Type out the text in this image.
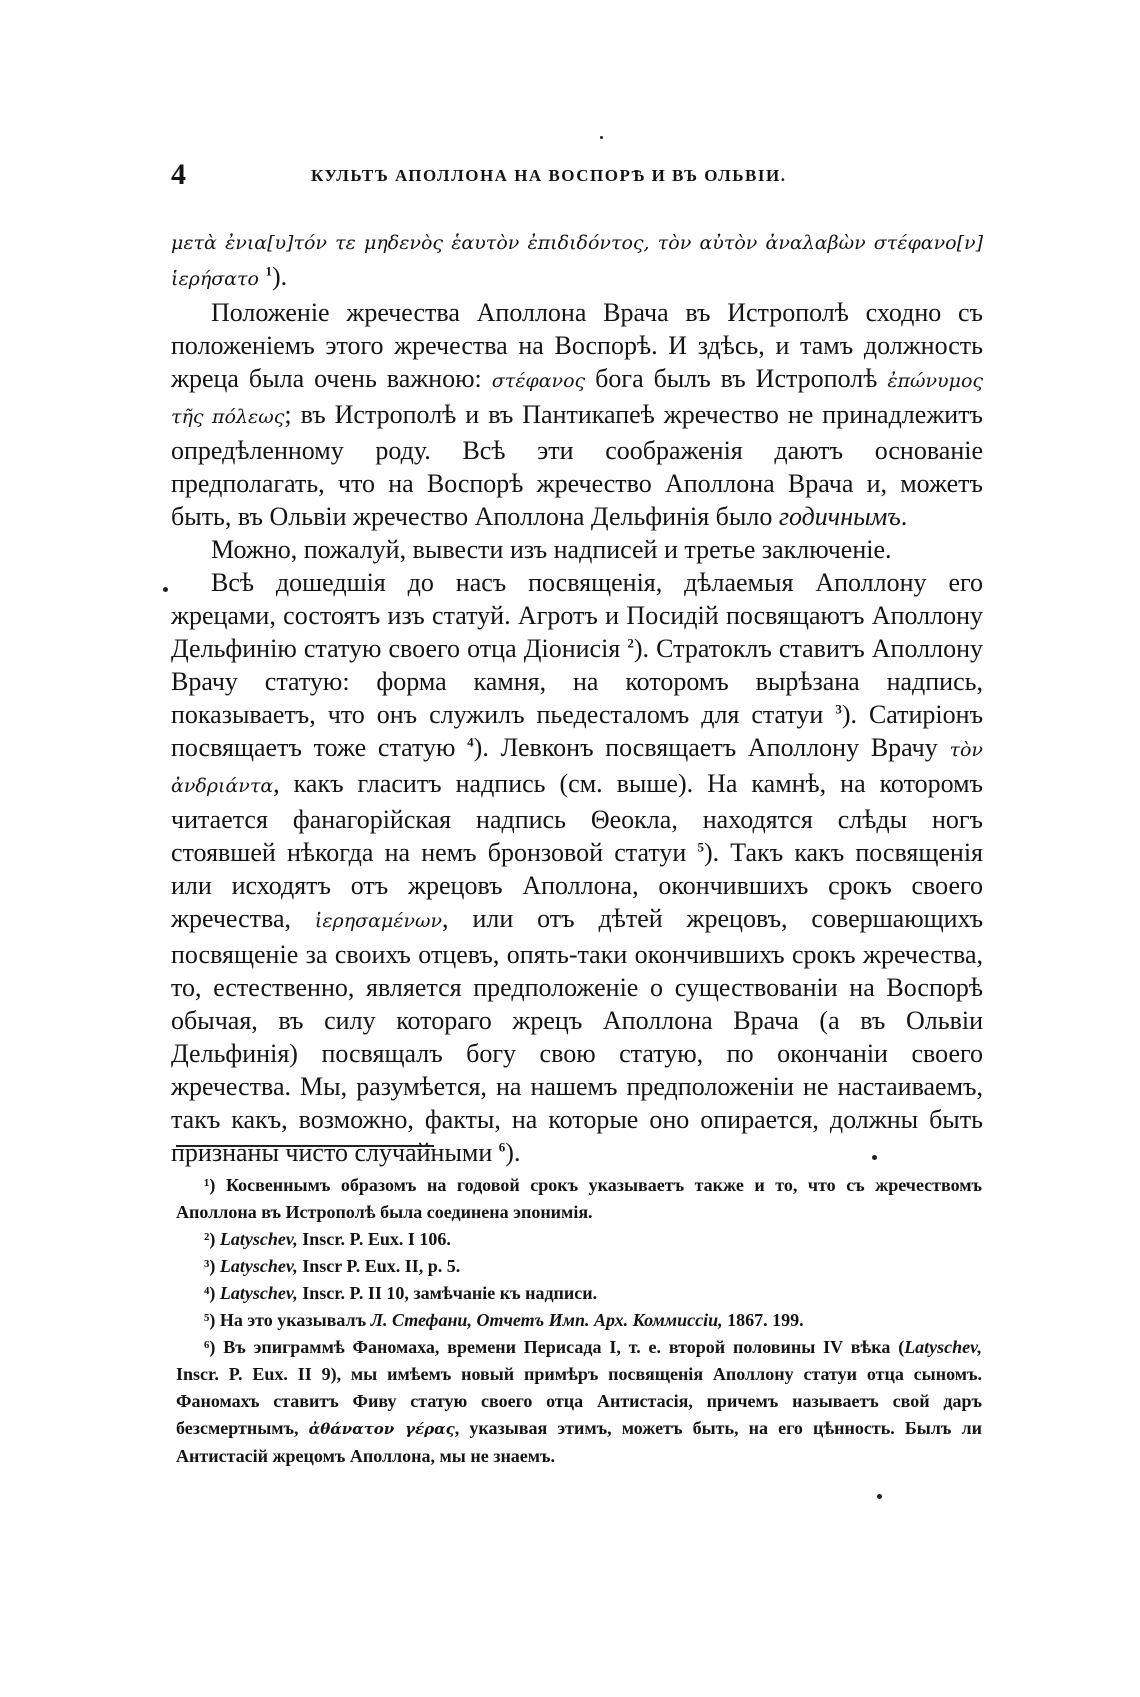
4	КУЛЬТЪ АПОЛЛОНА НА ВОСПОРѢ И ВЪ ОЛЬВІИ.

μετὰ ἐνια[υ]τόν τε μηδενὸς ἑαυτὸν ἐπιδιδόντος, τὸν αὐτὸν ἀναλαβὼν στέφανο[ν] ἱερήσατο $^1$).

Положеніе жречества Аполлона Врача въ Истрополѣ сходно съ положеніемъ этого жречества на Воспорѣ. И здѣсь, и тамъ должность жреца была очень важною: στέφανος бога былъ въ Истрополѣ ἐπώνυμος τῆς πόλεως; въ Истрополѣ и въ Пантикапеѣ жречество не принадлежитъ опредѣленному роду. Всѣ эти соображенія даютъ основаніе предполагать, что на Воспорѣ жречество Аполлона Врача и, можетъ быть, въ Ольвіи жречество Аполлона Дельфинія было годичнымъ.

Можно, пожалуй, вывести изъ надписей и третье заключеніе.

Всѣ дошедшія до насъ посвященія, дѣлаемыя Аполлону его жрецами, состоятъ изъ статуй. Агротъ и Посидій посвящаютъ Аполлону Дельфинію статую своего отца Діонисія $^2$). Стратоклъ ставитъ Аполлону Врачу статую: форма камня, на которомъ вырѣзана надпись, показываетъ, что онъ служилъ пьедесталомъ для статуи $^3$). Сатиріонъ посвящаетъ тоже статую $^4$). Левконъ посвящаетъ Аполлону Врачу τὸν ἀνδριάντα, какъ гласитъ надпись (см. выше). На камнѣ, на которомъ читается фанагорійская надпись Θеокла, находятся слѣды ногъ стоявшей нѣкогда на немъ бронзовой статуи $^5$). Такъ какъ посвященія или исходятъ отъ жрецовъ Аполлона, окончившихъ срокъ своего жречества, ἱερησαμένων, или отъ дѣтей жрецовъ, совершающихъ посвященіе за своихъ отцевъ, опять-таки окончившихъ срокъ жречества, то, естественно, является предположеніе о существованіи на Воспорѣ обычая, въ силу котораго жрецъ Аполлона Врача (а въ Ольвіи Дельфинія) посвящалъ богу свою статую, по окончаніи своего жречества. Мы, разумѣется, на нашемъ предположеніи не настаиваемъ, такъ какъ, возможно, факты, на которые оно опирается, должны быть признаны чисто случайными $^6$).

¹) Косвеннымъ образомъ на годовой срокъ указываетъ также и то, что съ жречествомъ Аполлона въ Истрополѣ была соединена эпонимія.

²) Latyschev, Inscr. P. Eux. I 106.

³) Latyschev, Inscr P. Eux. II, p. 5.

⁴) Latyschev, Inscr. P. II 10, замѣчаніе къ надписи.

⁵) На это указывалъ Л. Стефани, Отчетъ Имп. Арх. Коммиссіи, 1867. 199.

⁶) Въ эпиграммѣ Фаномаха, времени Перисада I, т. е. второй половины IV вѣка (Latyschev, Inscr. P. Eux. II 9), мы имѣемъ новый примѣръ посвященія Аполлону статуи отца сыномъ. Фаномахъ ставитъ Фиву статую своего отца Антистасія, причемъ называетъ свой даръ безсмертнымъ, ἀθάνατον γέρας, указывая этимъ, можетъ быть, на его цѣнность. Былъ ли Антистасій жрецомъ Аполлона, мы не знаемъ.
